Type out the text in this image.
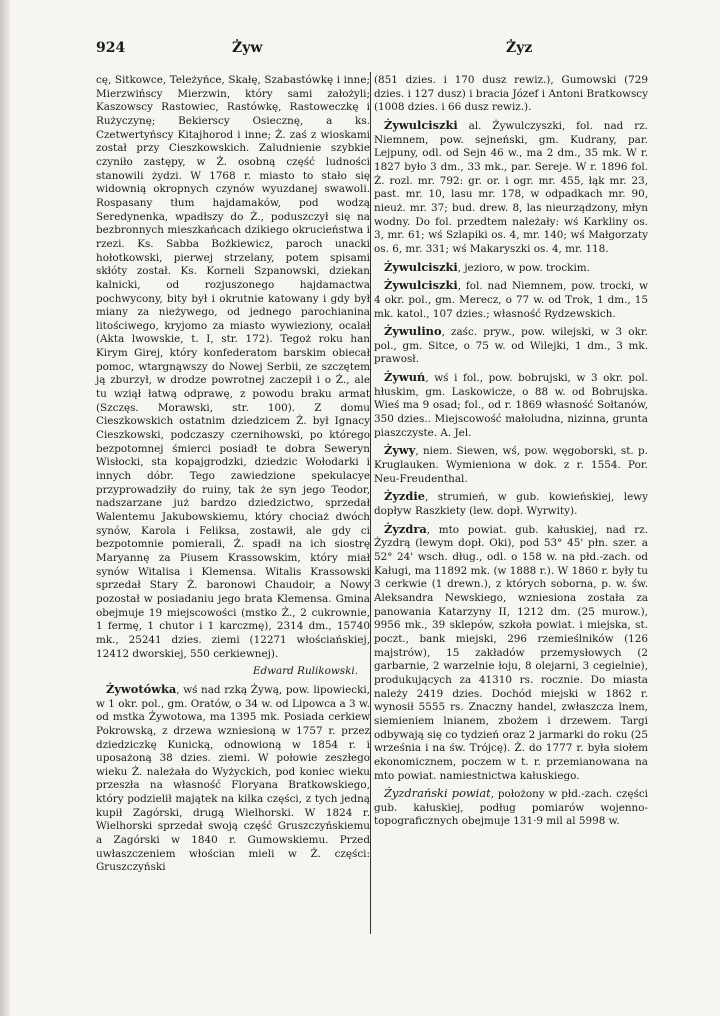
924	Żyw	Żyz

cę, Sitkowce, Teleżyńce, Skałę, Szabastówkę i inne; Mierzwińscy Mierzwin, który sami założyli; Kaszowscy Rastowiec, Rastówkę, Rastoweczkę i Rużyczynę; Bekierscy Osiecznę, a ks. Czetwertyńscy Kitajhorod i inne; Ż. zaś z wioskami został przy Cieszkowskich. Zaludnienie szybkie czyniło zastępy, w Ż. osobną część ludności stanowili żydzi. W 1768 r. miasto to stało się widownią okropnych czynów wyuzdanej swawoli. Rospasany tłum hajdamaków, pod wodzą Seredynenka, wpadłszy do Ż., poduszczył się na bezbronnych mieszkańcach dzikiego okrucieństwa i rzezi. Ks. Sabba Bożkiewicz, paroch unacki hołotkowski, pierwej strzelany, potem spisami skłóty został. Ks. Korneli Szpanowski, dziekan kalnicki, od rozjuszonego hajdamactwa pochwycony, bity był i okrutnie katowany i gdy był miany za nieżywego, od jednego parochianina litościwego, kryjomo za miasto wywieziony, ocalał (Akta lwowskie, t. I, str. 172). Tegoż roku han Kirym Girej, który konfederatom barskim obiecał pomoc, wtargnąwszy do Nowej Serbii, ze szczętem ją zburzył, w drodze powrotnej zaczepił i o Ż., ale tu wziął łatwą odprawę, z powodu braku armat (Szczęs. Morawski, str. 100). Z domu Cieszkowskich ostatnim dziedzicem Ż. był Ignacy Cieszkowski, podczaszy czernihowski, po którego bezpotomnej śmierci posiadł te dobra Seweryn Wisłocki, sta kopajgrodzki, dziedzic Wołodarki i innych dóbr. Tego zawiedzione spekulacye przyprowadziły do ruiny, tak że syn jego Teodor, nadszarzane już bardzo dziedzictwo, sprzedał Walentemu Jakubowskiemu, który chociaż dwóch synów, Karola i Feliksa, zostawił, ale gdy ci bezpotomnie pomierali, Ż. spadł na ich siostrę Maryannę za Piusem Krassowskim, który miał synów Witalisa i Klemensa. Witalis Krassowski sprzedał Stary Ż. baronowi Chaudoir, a Nowy pozostał w posiadaniu jego brata Klemensa. Gmina obejmuje 19 miejscowości (mstko Ż., 2 cukrownie, 1 fermę, 1 chutor i 1 karczmę), 2314 dm., 15740 mk., 25241 dzies. ziemi (12271 włościańskiej, 12412 dworskiej, 550 cerkiewnej).

Edward Rulikowski.

Żywotówka, wś nad rzką Żywą, pow. lipowiecki, w 1 okr. pol., gm. Oratów, o 34 w. od Lipowca a 3 w. od mstka Żywotowa, ma 1395 mk. Posiada cerkiew Pokrowską, z drzewa wzniesioną w 1757 r. przez dziedziczkę Kunicką, odnowioną w 1854 r. i uposażoną 38 dzies. ziemi. W połowie zeszłego wieku Ż. należała do Wyżyckich, pod koniec wieku przeszła na własność Floryana Bratkowskiego, który podzielił majątek na kilka części, z tych jedną kupił Zagórski, drugą Wielhorski. W 1824 r. Wielhorski sprzedał swoją część Gruszczyńskiemu a Zagórski w 1840 r. Gumowskiemu. Przed uwłaszczeniem włościan mieli w Ż. części: Gruszczyński

(851 dzies. i 170 dusz rewiz.), Gumowski (729 dzies. i 127 dusz) i bracia Józef i Antoni Bratkowscy (1008 dzies. i 66 dusz rewiz.).

Żywulciszki al. Żywulczyszki, fol. nad rz. Niemnem, pow. sejneński, gm. Kudrany, par. Lejpuny, odl. od Sejn 46 w., ma 2 dm., 35 mk. W r. 1827 było 3 dm., 33 mk., par. Sereje. W r. 1896 fol. Ż. rozl. mr. 792: gr. or. i ogr. mr. 455, łąk mr. 23, past. mr. 10, lasu mr. 178, w odpadkach mr. 90, nieuż. mr. 37; bud. drew. 8, las nieurządzony, młyn wodny. Do fol. przedtem należały: wś Karkliny os. 3, mr. 61; wś Szlapiki os. 4, mr. 140; wś Małgorzaty os. 6, mr. 331; wś Makaryszki os. 4, mr. 118.

Żywulciszki, jezioro, w pow. trockim.

Żywulciszki, fol. nad Niemnem, pow. trocki, w 4 okr. pol., gm. Merecz, o 77 w. od Trok, 1 dm., 15 mk. katol., 107 dzies.; własność Rydzewskich.

Żywulino, zaśc. pryw., pow. wilejski, w 3 okr. pol., gm. Sitce, o 75 w. od Wilejki, 1 dm., 3 mk. prawosł.

Żywuń, wś i fol., pow. bobrujski, w 3 okr. pol. hłuskim, gm. Laskowicze, o 88 w. od Bobrujska. Wieś ma 9 osad; fol., od r. 1869 własność Sołtanów, 350 dzies.. Miejscowość małoludna, nizinna, grunta piaszczyste. A. Jel.

Żywy, niem. Siewen, wś, pow. węgoborski, st. p. Kruglauken. Wymieniona w dok. z r. 1554. Por. Neu-Freudenthal.

Żyzdie, strumień, w gub. kowieńskiej, lewy dopływ Raszkiety (lew. dopł. Wyrwity).

Żyzdra, mto powiat. gub. kałuskiej, nad rz. Żyzdrą (lewym dopł. Oki), pod 53° 45' płn. szer. a 52° 24' wsch. dług., odl. o 158 w. na płd.-zach. od Kaługi, ma 11892 mk. (w 1888 r.). W 1860 r. były tu 3 cerkwie (1 drewn.), z których soborna, p. w. św. Aleksandra Newskiego, wzniesiona została za panowania Katarzyny II, 1212 dm. (25 murow.), 9956 mk., 39 sklepów, szkoła powiat. i miejska, st. poczt., bank miejski, 296 rzemieślników (126 majstrów), 15 zakładów przemysłowych (2 garbarnie, 2 warzelnie łoju, 8 olejarni, 3 cegielnie), produkujących za 41310 rs. rocznie. Do miasta należy 2419 dzies. Dochód miejski w 1862 r. wynosił 5555 rs. Znaczny handel, zwłaszcza lnem, siemieniem lnianem, zbożem i drzewem. Targi odbywają się co tydzień oraz 2 jarmarki do roku (25 września i na św. Trójcę). Ż. do 1777 r. była siołem ekonomicznem, poczem w t. r. przemianowana na mto powiat. namiestnictwa kałuskiego.

Żyzdrański powiat, położony w płd.-zach. części gub. kałuskiej, podług pomiarów wojenno-topograficznych obejmuje 131·9 mil al 5998 w.
